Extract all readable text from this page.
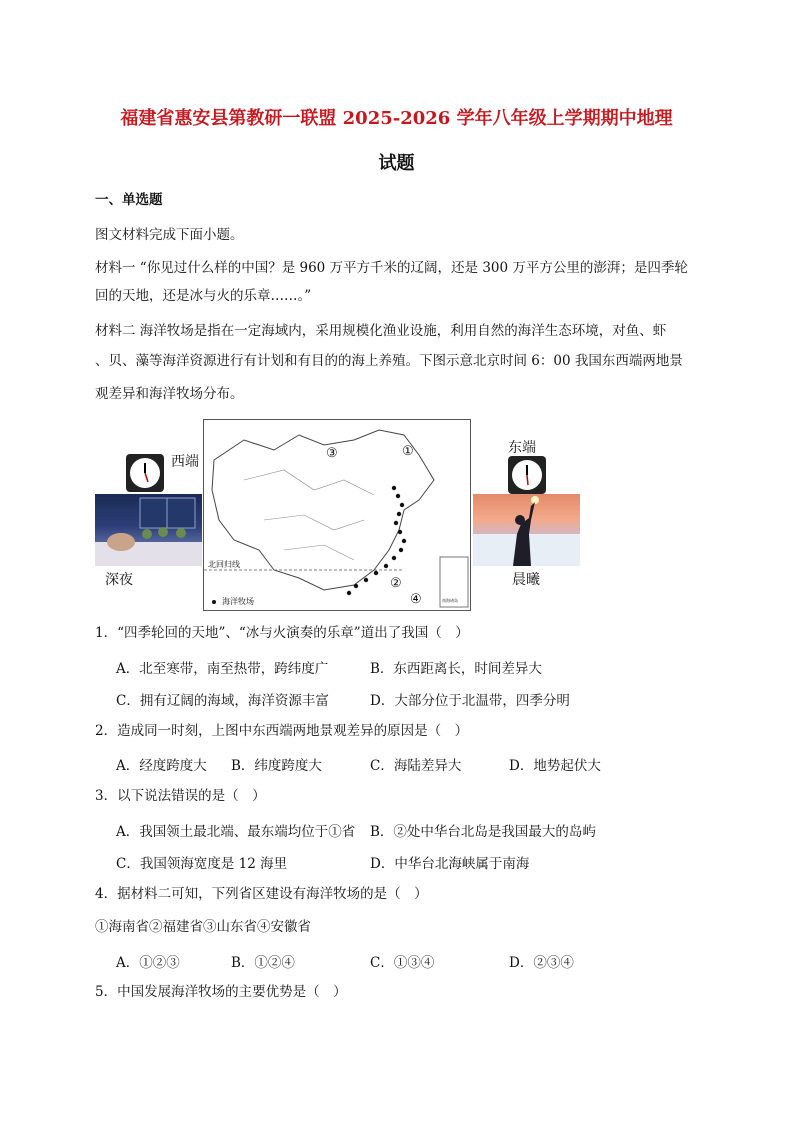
福建省惠安县第教研一联盟 2025-2026 学年八年级上学期期中地理
试题
一、单选题
图文材料完成下面小题。
材料一 “你见过什么样的中国？是 960 万平方千米的辽阔，还是 300 万平方公里的澎湃；是四季轮
回的天地，还是冰与火的乐章……。”
材料二 海洋牧场是指在一定海域内，采用规模化渔业设施，利用自然的海洋生态环境，对鱼、虾
、贝、藻等海洋资源进行有计划和有目的的海上养殖。下图示意北京时间 6：00 我国东西端两地景
观差异和海洋牧场分布。
西端
深夜
③	①
②
④
北回归线
海洋牧场	南海诸岛
东端
晨曦
1．“四季轮回的天地”、“冰与火演奏的乐章”道出了我国（　）
A．北至寒带，南至热带，跨纬度广	B．东西距离长，时间差异大
C．拥有辽阔的海域，海洋资源丰富	D．大部分位于北温带，四季分明
2．造成同一时刻，上图中东西端两地景观差异的原因是（　）
A．经度跨度大 B．纬度跨度大	C．海陆差异大	D．地势起伏大
3．以下说法错误的是（　）
A．我国领土最北端、最东端均位于①省 B．②处中华台北岛是我国最大的岛屿
C．我国领海宽度是 12 海里	D．中华台北海峡属于南海
4．据材料二可知，下列省区建设有海洋牧场的是（　）
①海南省②福建省③山东省④安徽省
A．①②③	B．①②④	C．①③④	D．②③④
5．中国发展海洋牧场的主要优势是（　）
